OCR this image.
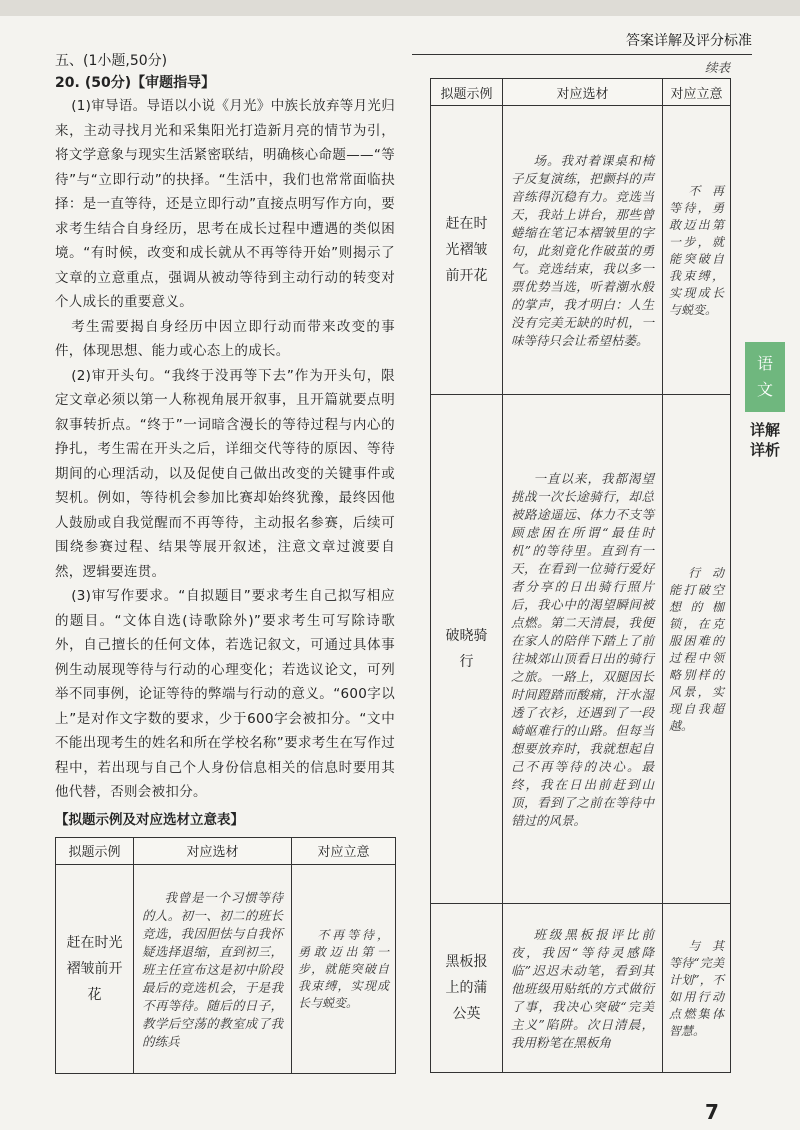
答案详解及评分标准
五、(1小题,50分)
20. (50分)【审题指导】

(1)审导语。导语以小说《月光》中族长放弃等月光归来，主动寻找月光和采集阳光打造新月亮的情节为引，将文学意象与现实生活紧密联结，明确核心命题——“等待”与“立即行动”的抉择。“生活中，我们也常常面临抉择：是一直等待，还是立即行动”直接点明写作方向，要求考生结合自身经历，思考在成长过程中遭遇的类似困境。“有时候，改变和成长就从不再等待开始”则揭示了文章的立意重点，强调从被动等待到主动行动的转变对个人成长的重要意义。

考生需要揭自身经历中因立即行动而带来改变的事件，体现思想、能力或心态上的成长。

(2)审开头句。“我终于没再等下去”作为开头句，限定文章必须以第一人称视角展开叙事，且开篇就要点明叙事转折点。“终于”一词暗含漫长的等待过程与内心的挣扎，考生需在开头之后，详细交代等待的原因、等待期间的心理活动，以及促使自己做出改变的关键事件或契机。例如，等待机会参加比赛却始终犹豫，最终因他人鼓励或自我觉醒而不再等待，主动报名参赛，后续可围绕参赛过程、结果等展开叙述，注意文章过渡要自然，逻辑要连贯。

(3)审写作要求。“自拟题目”要求考生自己拟写相应的题目。“文体自选(诗歌除外)”要求考生可写除诗歌外，自己擅长的任何文体，若选记叙文，可通过具体事例生动展现等待与行动的心理变化；若选议论文，可列举不同事例，论证等待的弊端与行动的意义。“600字以上”是对作文字数的要求，少于600字会被扣分。“文中不能出现考生的姓名和所在学校名称”要求考生在写作过程中，若出现与自己个人身份信息相关的信息时要用其他代替，否则会被扣分。

【拟题示例及对应选材立意表】
拟题示例	对应选材	对应立意
赶在时光褶皱前开花	我曾是一个习惯等待的人。初一、初二的班长竞选，我因胆怯与自我怀疑选择退缩，直到初三，班主任宣布这是初中阶段最后的竞选机会，于是我不再等待。随后的日子，教学后空荡的教室成了我的练兵	不再等待，勇敢迈出第一步，就能突破自我束缚，实现成长与蜕变。
续表
拟题示例	对应选材	对应立意
赶在时光褶皱前开花	场。我对着课桌和椅子反复演练，把颤抖的声音练得沉稳有力。竞选当天，我站上讲台，那些曾蜷缩在笔记本褶皱里的字句，此刻竟化作破茧的勇气。竞选结束，我以多一票优势当选，听着潮水般的掌声，我才明白：人生没有完美无缺的时机，一味等待只会让希望枯萎。	不再等待，勇敢迈出第一步，就能突破自我束缚，实现成长与蜕变。
破晓骑行	一直以来，我都渴望挑战一次长途骑行，却总被路途遥远、体力不支等顾虑困在所谓“最佳时机”的等待里。直到有一天，在看到一位骑行爱好者分享的日出骑行照片后，我心中的渴望瞬间被点燃。第二天清晨，我便在家人的陪伴下踏上了前往城郊山顶看日出的骑行之旅。一路上，双腿因长时间蹬踏而酸痛，汗水湿透了衣衫，还遇到了一段崎岖难行的山路。但每当想要放弃时，我就想起自己不再等待的决心。最终，我在日出前赶到山顶，看到了之前在等待中错过的风景。	行动能打破空想的枷锁，在克服困难的过程中领略别样的风景，实现自我超越。
黑板报上的蒲公英	班级黑板报评比前夜，我因“等待灵感降临”迟迟未动笔，看到其他班级用贴纸的方式做衍了事，我决心突破“完美主义”陷阱。次日清晨，我用粉笔在黑板角	与其等待“完美计划”，不如用行动点燃集体智慧。
语
文
详解详析
7
